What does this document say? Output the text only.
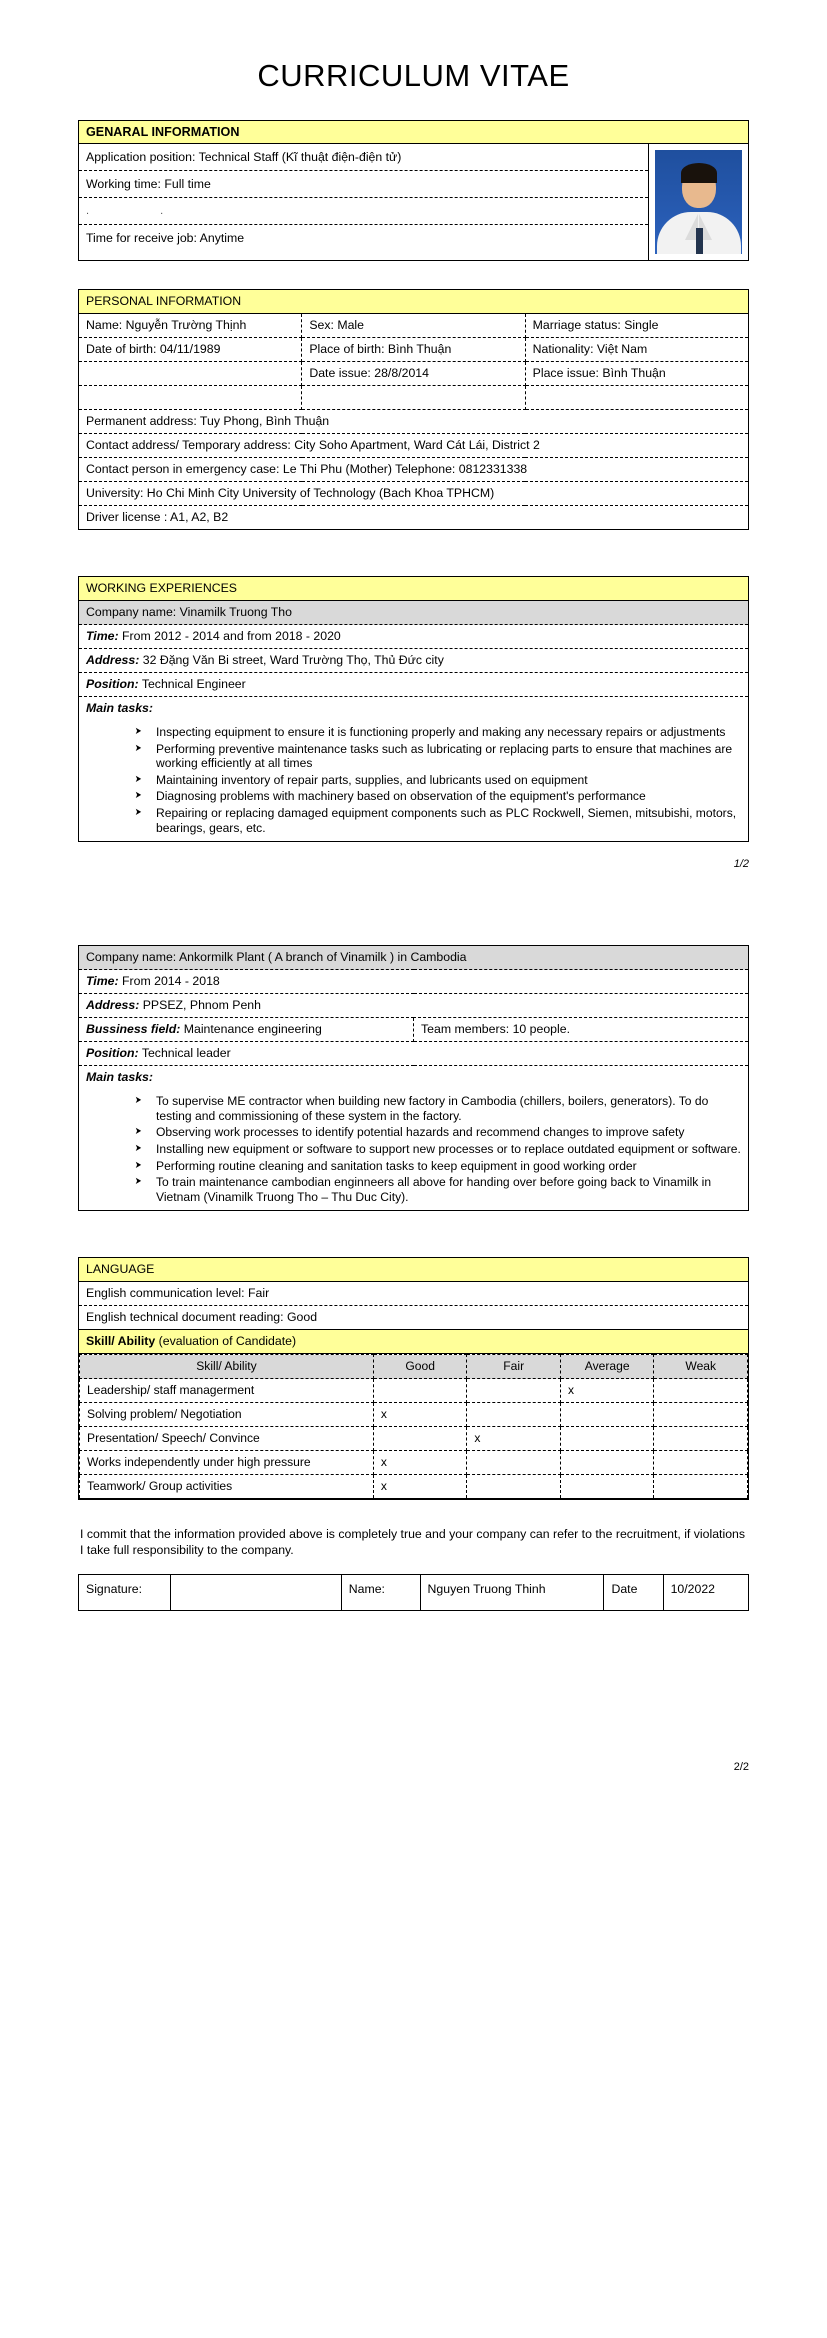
CURRICULUM VITAE
GENARAL INFORMATION
Application position: Technical Staff (Kĩ thuật điện-điện tử)
Working time: Full time
. .
Time for receive job: Anytime
PERSONAL INFORMATION		
Name: Nguyễn Trường Thịnh	Sex: Male	Marriage status: Single
Date of birth: 04/11/1989	Place of birth: Bình Thuận	Nationality: Việt Nam
	Date issue: 28/8/2014	Place issue: Bình Thuận

Permanent address: Tuy Phong, Bình Thuận		
Contact address/ Temporary address: City Soho Apartment, Ward Cát Lái, District 2		
Contact person in emergency case: Le Thi Phu (Mother) Telephone: 0812331338		
University: Ho Chi Minh City University of Technology (Bach Khoa TPHCM)		
Driver license : A1, A2, B2		
WORKING EXPERIENCES
Company name: Vinamilk Truong Tho
Time: From 2012 - 2014 and from 2018 - 2020
Address: 32 Đặng Văn Bi street, Ward Trường Thọ, Thủ Đức city
Position: Technical Engineer

Main tasks:
➤ Inspecting equipment to ensure it is functioning properly and making any necessary repairs or adjustments
➤ Performing preventive maintenance tasks such as lubricating or replacing parts to ensure that machines are working efficiently at all times
➤ Maintaining inventory of repair parts, supplies, and lubricants used on equipment
➤ Diagnosing problems with machinery based on observation of the equipment's performance
➤ Repairing or replacing damaged equipment components such as PLC Rockwell, Siemen, mitsubishi, motors, bearings, gears, etc.
1/2
Company name: Ankormilk Plant ( A branch of Vinamilk ) in Cambodia
Time: From 2014 - 2018
Address: PPSEZ, Phnom Penh
Bussiness field: Maintenance engineering	Team members: 10 people.
Position: Technical leader

Main tasks:
➤ To supervise ME contractor when building new factory in Cambodia (chillers, boilers, generators). To do testing and commissioning of these system in the factory.
➤ Observing work processes to identify potential hazards and recommend changes to improve safety
➤ Installing new equipment or software to support new processes or to replace outdated equipment or software.
➤ Performing routine cleaning and sanitation tasks to keep equipment in good working order
➤ To train maintenance cambodian enginneers all above for handing over before going back to Vinamilk in Vietnam (Vinamilk Truong Tho – Thu Duc City).
LANGUAGE
English communication level: Fair
English technical document reading: Good
Skill/ Ability (evaluation of Candidate)

Skill/ Ability	Good	Fair	Average	Weak
Leadership/ staff managerment			x	
Solving problem/ Negotiation	x			
Presentation/ Speech/ Convince		x		
Works independently under high pressure	x			
Teamwork/ Group activities	x			
I commit that the information provided above is completely true and your company can refer to the recruitment, if violations I take full responsibility to the company.
Signature:		Name:	Nguyen Truong Thinh	Date	10/2022
2/2
